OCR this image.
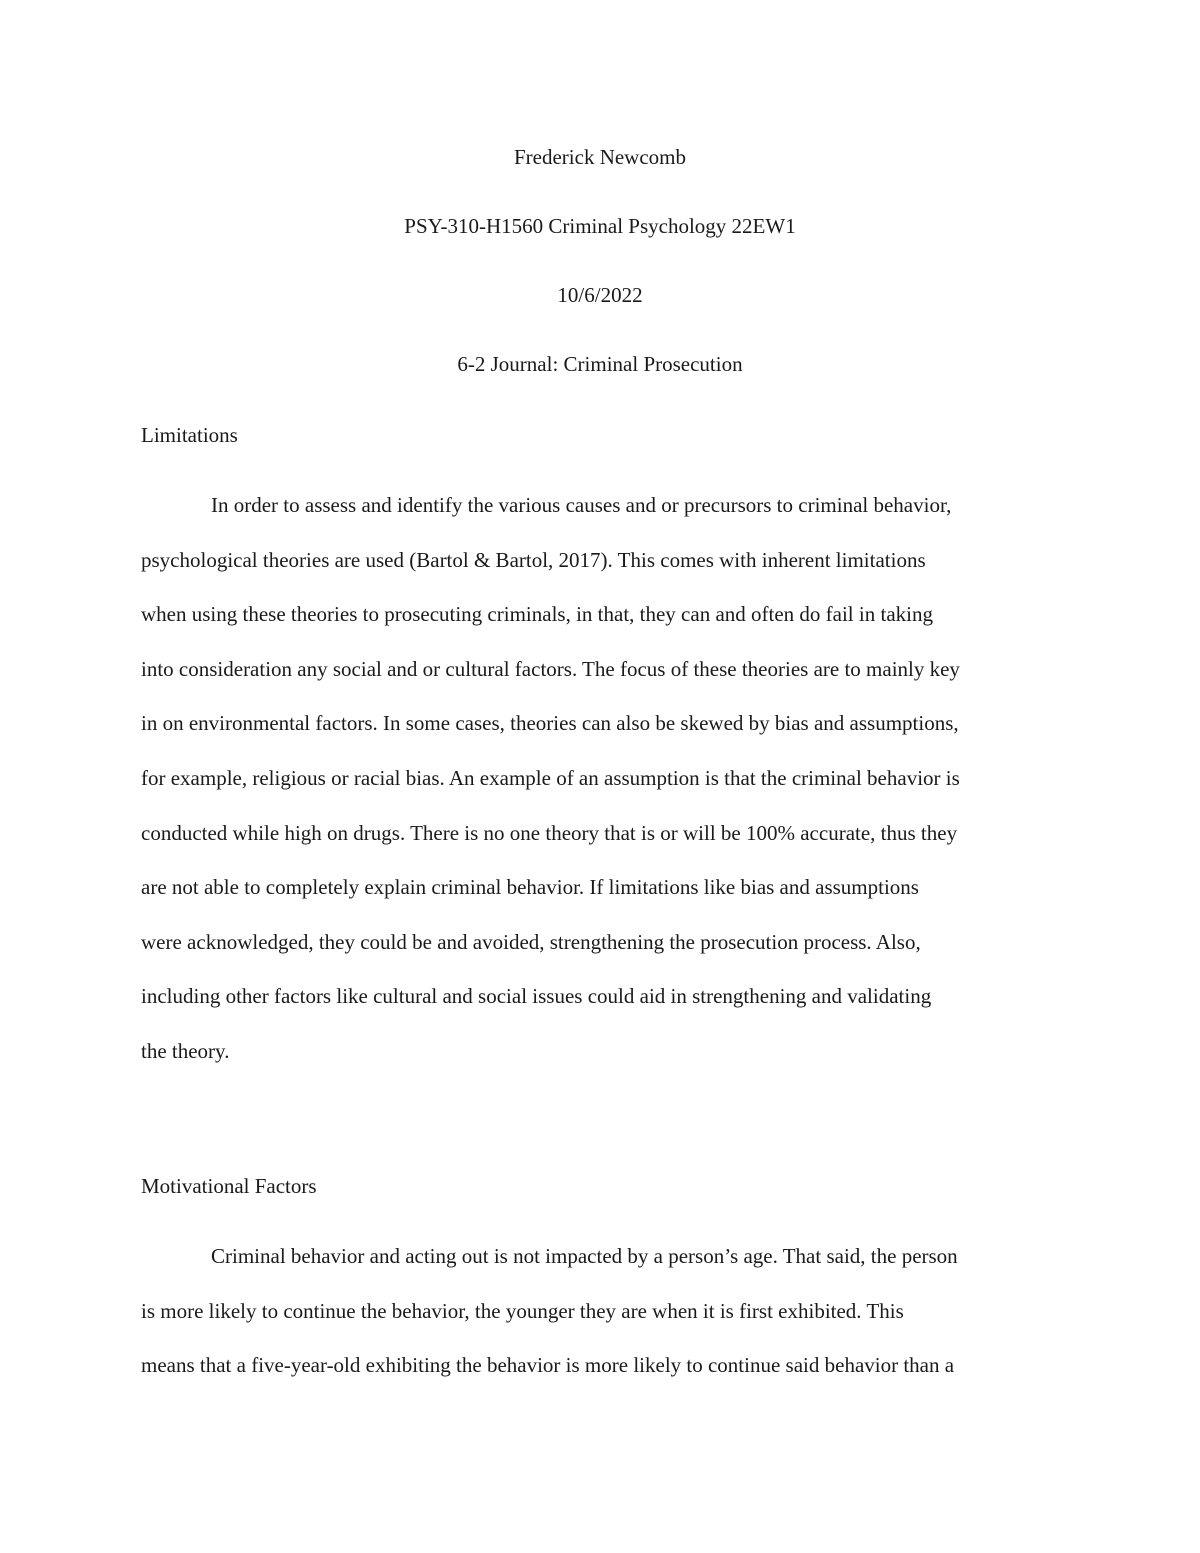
Frederick Newcomb
PSY-310-H1560 Criminal Psychology 22EW1
10/6/2022
6-2 Journal: Criminal Prosecution
Limitations
In order to assess and identify the various causes and or precursors to criminal behavior,
psychological theories are used (Bartol & Bartol, 2017). This comes with inherent limitations
when using these theories to prosecuting criminals, in that, they can and often do fail in taking
into consideration any social and or cultural factors. The focus of these theories are to mainly key
in on environmental factors. In some cases, theories can also be skewed by bias and assumptions,
for example, religious or racial bias. An example of an assumption is that the criminal behavior is
conducted while high on drugs. There is no one theory that is or will be 100% accurate, thus they
are not able to completely explain criminal behavior. If limitations like bias and assumptions
were acknowledged, they could be and avoided, strengthening the prosecution process. Also,
including other factors like cultural and social issues could aid in strengthening and validating
the theory.
Motivational Factors
Criminal behavior and acting out is not impacted by a person’s age. That said, the person
is more likely to continue the behavior, the younger they are when it is first exhibited. This
means that a five-year-old exhibiting the behavior is more likely to continue said behavior than a
